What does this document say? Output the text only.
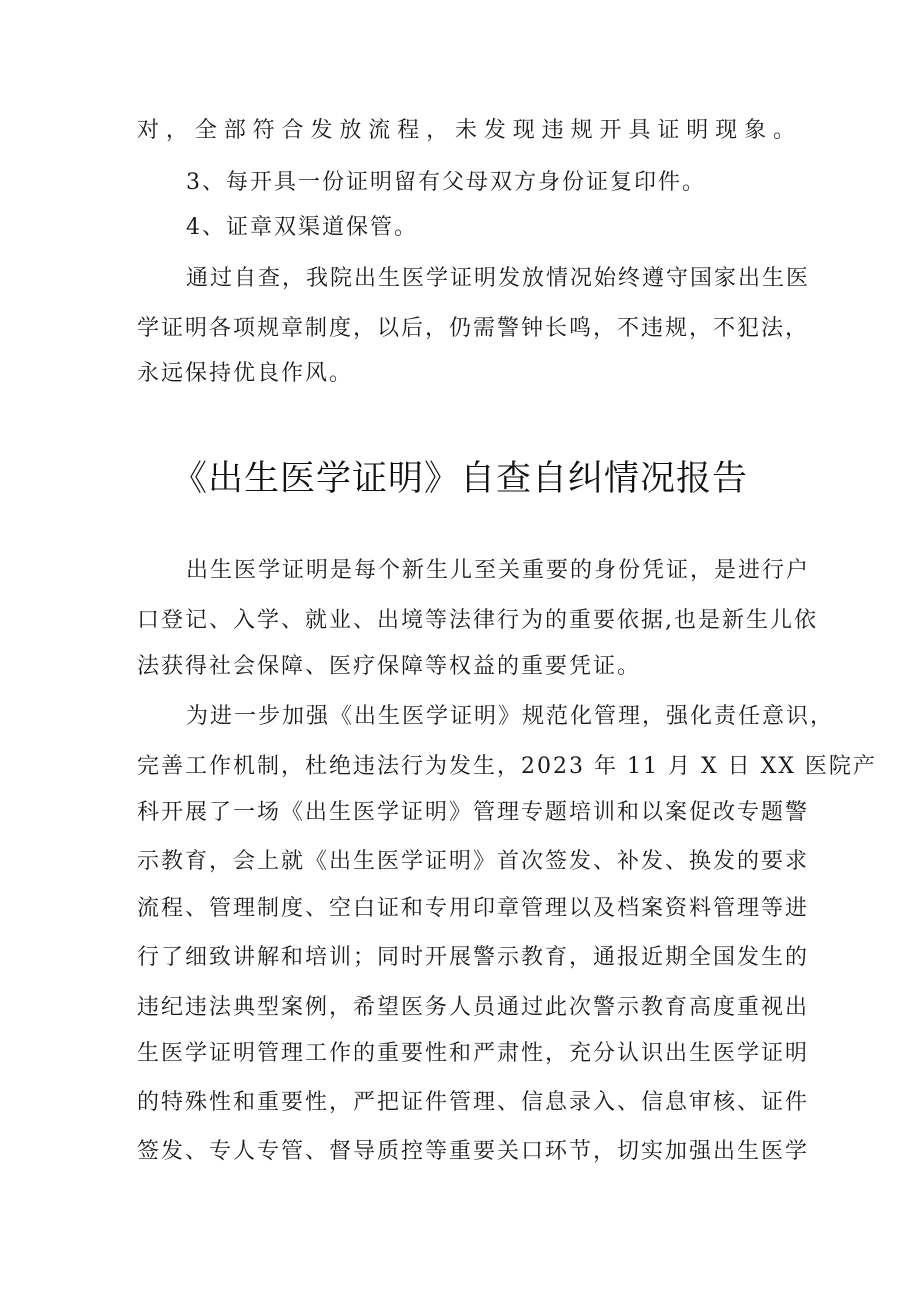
对，全部符合发放流程，未发现违规开具证明现象。
3、每开具一份证明留有父母双方身份证复印件。
4、证章双渠道保管。
通过自查，我院出生医学证明发放情况始终遵守国家出生医
学证明各项规章制度，以后，仍需警钟长鸣，不违规，不犯法，
永远保持优良作风。
《出生医学证明》自查自纠情况报告
出生医学证明是每个新生儿至关重要的身份凭证，是进行户
口登记、入学、就业、出境等法律行为的重要依据,也是新生儿依
法获得社会保障、医疗保障等权益的重要凭证。
为进一步加强《出生医学证明》规范化管理，强化责任意识，
完善工作机制，杜绝违法行为发生，2023 年 11 月 X 日 XX 医院产
科开展了一场《出生医学证明》管理专题培训和以案促改专题警
示教育，会上就《出生医学证明》首次签发、补发、换发的要求
流程、管理制度、空白证和专用印章管理以及档案资料管理等进
行了细致讲解和培训；同时开展警示教育，通报近期全国发生的
违纪违法典型案例，希望医务人员通过此次警示教育高度重视出
生医学证明管理工作的重要性和严肃性，充分认识出生医学证明
的特殊性和重要性，严把证件管理、信息录入、信息审核、证件
签发、专人专管、督导质控等重要关口环节，切实加强出生医学
